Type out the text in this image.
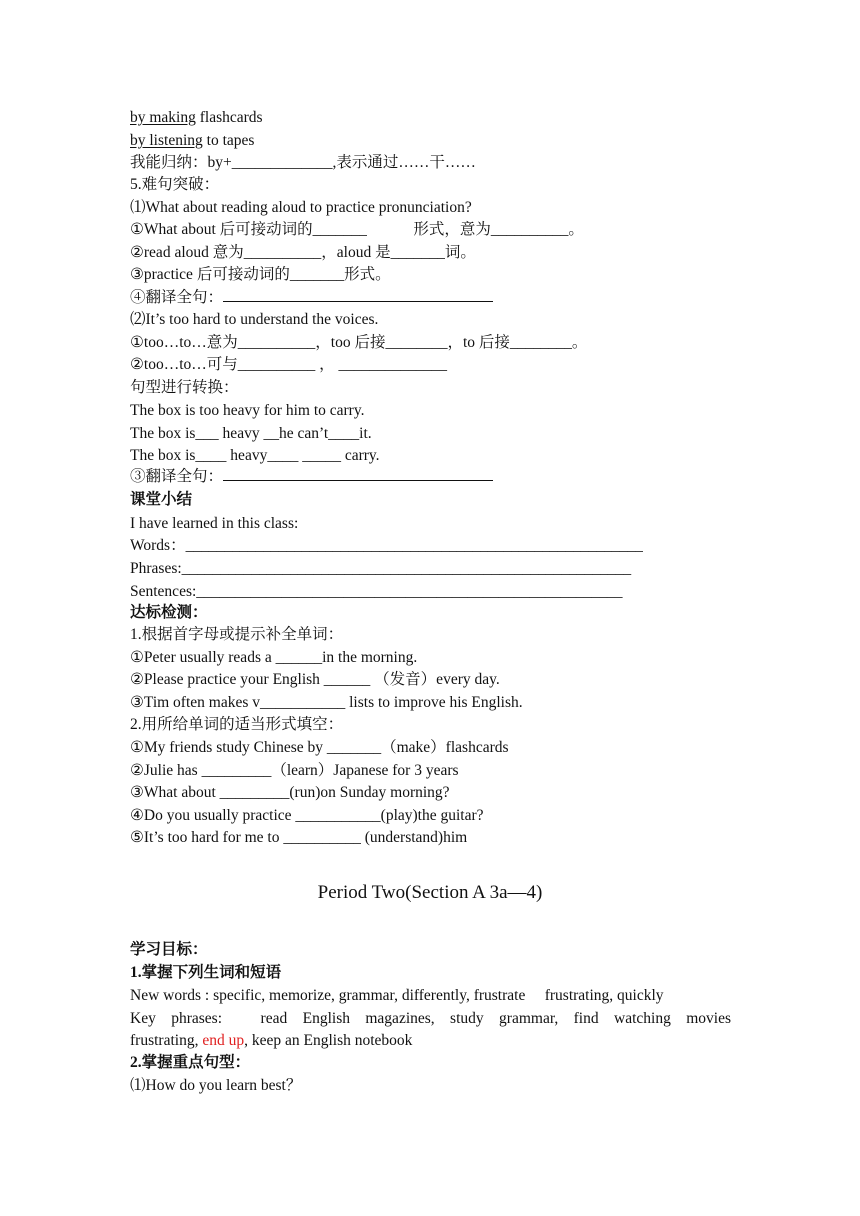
by making flashcards
by listening to tapes
我能归纳：by+_____________,表示通过……干……
5.难句突破：
⑴What about reading aloud to practice pronunciation?
①What about 后可接动词的_______　　　形式，意为__________。
②read aloud 意为__________，aloud 是_______词。
③practice 后可接动词的_______形式。
④翻译全句：
⑵It’s too hard to understand the voices.
①too…to…意为__________，too 后接________，to 后接________。
②too…to…可与__________ ， ______________
句型进行转换：
The box is too heavy for him to carry.
The box is___ heavy __he can’t____it.
The box is____ heavy____ _____ carry.
③翻译全句：
课堂小结
I have learned in this class:
Words：___________________________________________________________
Phrases:__________________________________________________________
Sentences:_______________________________________________________
达标检测：
1.根据首字母或提示补全单词：
①Peter usually reads a ______in the morning.
②Please practice your English ______ （发音）every day.
③Tim often makes v___________ lists to improve his English.
2.用所给单词的适当形式填空：
①My friends study Chinese by _______（make）flashcards
②Julie has _________（learn）Japanese for 3 years
③What about _________(run)on Sunday morning?
④Do you usually practice ___________(play)the guitar?
⑤It’s too hard for me to __________ (understand)him
Period Two(Section A 3a—4)
学习目标：
1.掌握下列生词和短语
New words : specific, memorize, grammar, differently, frustrate　 frustrating, quickly
Key phrases:　read English magazines, study grammar, find watching movies
frustrating, end up, keep an English notebook
2.掌握重点句型：
⑴How do you learn best？
